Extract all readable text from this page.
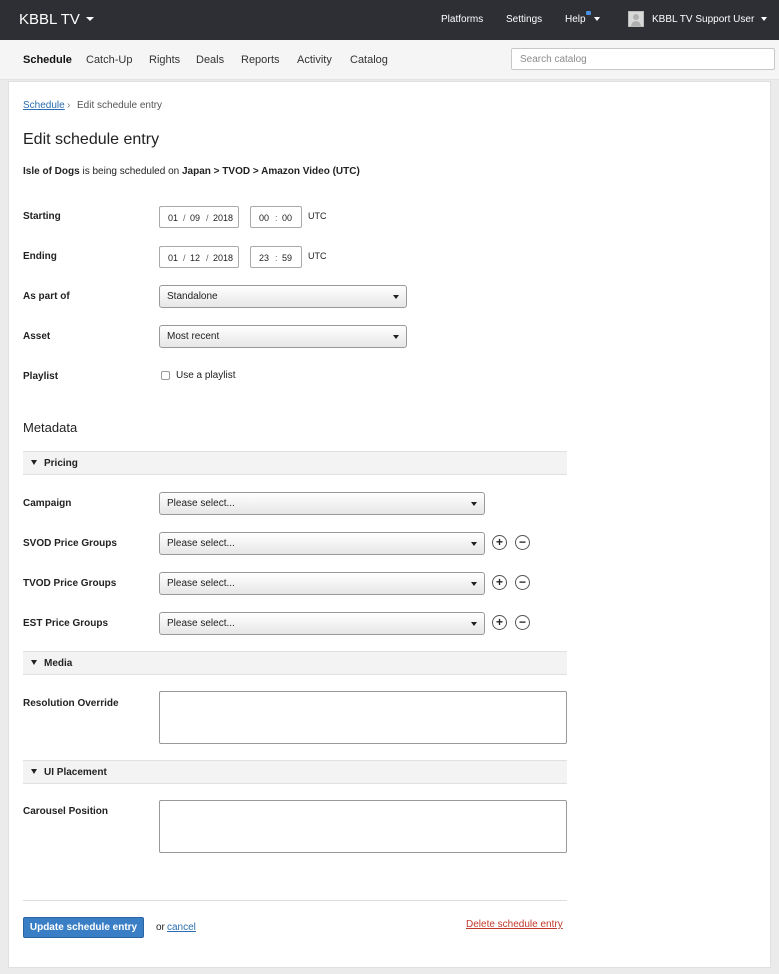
KBBL TV	Platforms Settings Help	KBBL TV Support User
Schedule Catch-Up Rights Deals Reports Activity Catalog
Search catalog
Schedule › Edit schedule entry
Edit schedule entry
Isle of Dogs is being scheduled on Japan > TVOD > Amazon Video (UTC)
Starting	01 / 09 / 2018	00 : 00 UTC
Ending	01 / 12 / 2018	23 : 59 UTC
As part of	Standalone
Asset	Most recent
Playlist	Use a playlist
Metadata
Pricing
Campaign	Please select...
SVOD Price Groups	Please select...	+	−
TVOD Price Groups	Please select...	+	−
EST Price Groups	Please select...	+	−
Media
Resolution Override
UI Placement
Carousel Position
Update schedule entry	or cancel	Delete schedule entry
